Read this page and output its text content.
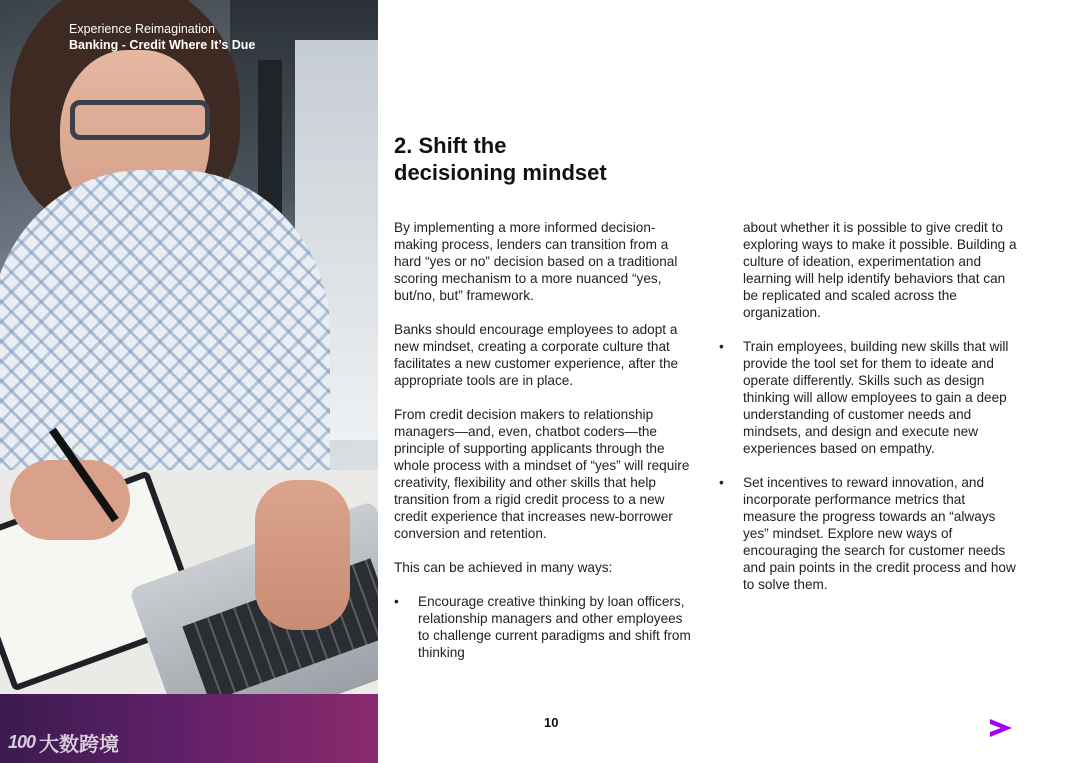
Experience Reimagination
Banking - Credit Where It’s Due
100 大数跨境
2. Shift the
decisioning mindset

By implementing a more informed decision-making process, lenders can transition from a hard “yes or no” decision based on a traditional scoring mechanism to a more nuanced “yes, but/no, but” framework.

Banks should encourage employees to adopt a new mindset, creating a corporate culture that facilitates a new customer experience, after the appropriate tools are in place.

From credit decision makers to relationship managers—and, even, chatbot coders—the principle of supporting applicants through the whole process with a mindset of “yes” will require creativity, flexibility and other skills that help transition from a rigid credit process to a new credit experience that increases new-borrower conversion and retention.

This can be achieved in many ways:

• Encourage creative thinking by loan officers, relationship managers and other employees to challenge current paradigms and shift from thinking
about whether it is possible to give credit to exploring ways to make it possible. Building a culture of ideation, experimentation and learning will help identify behaviors that can be replicated and scaled across the organization.
• Train employees, building new skills that will provide the tool set for them to ideate and operate differently. Skills such as design thinking will allow employees to gain a deep understanding of customer needs and mindsets, and design and execute new experiences based on empathy.
• Set incentives to reward innovation, and incorporate performance metrics that measure the progress towards an “always yes” mindset. Explore new ways of encouraging the search for customer needs and pain points in the credit process and how to solve them.
10
